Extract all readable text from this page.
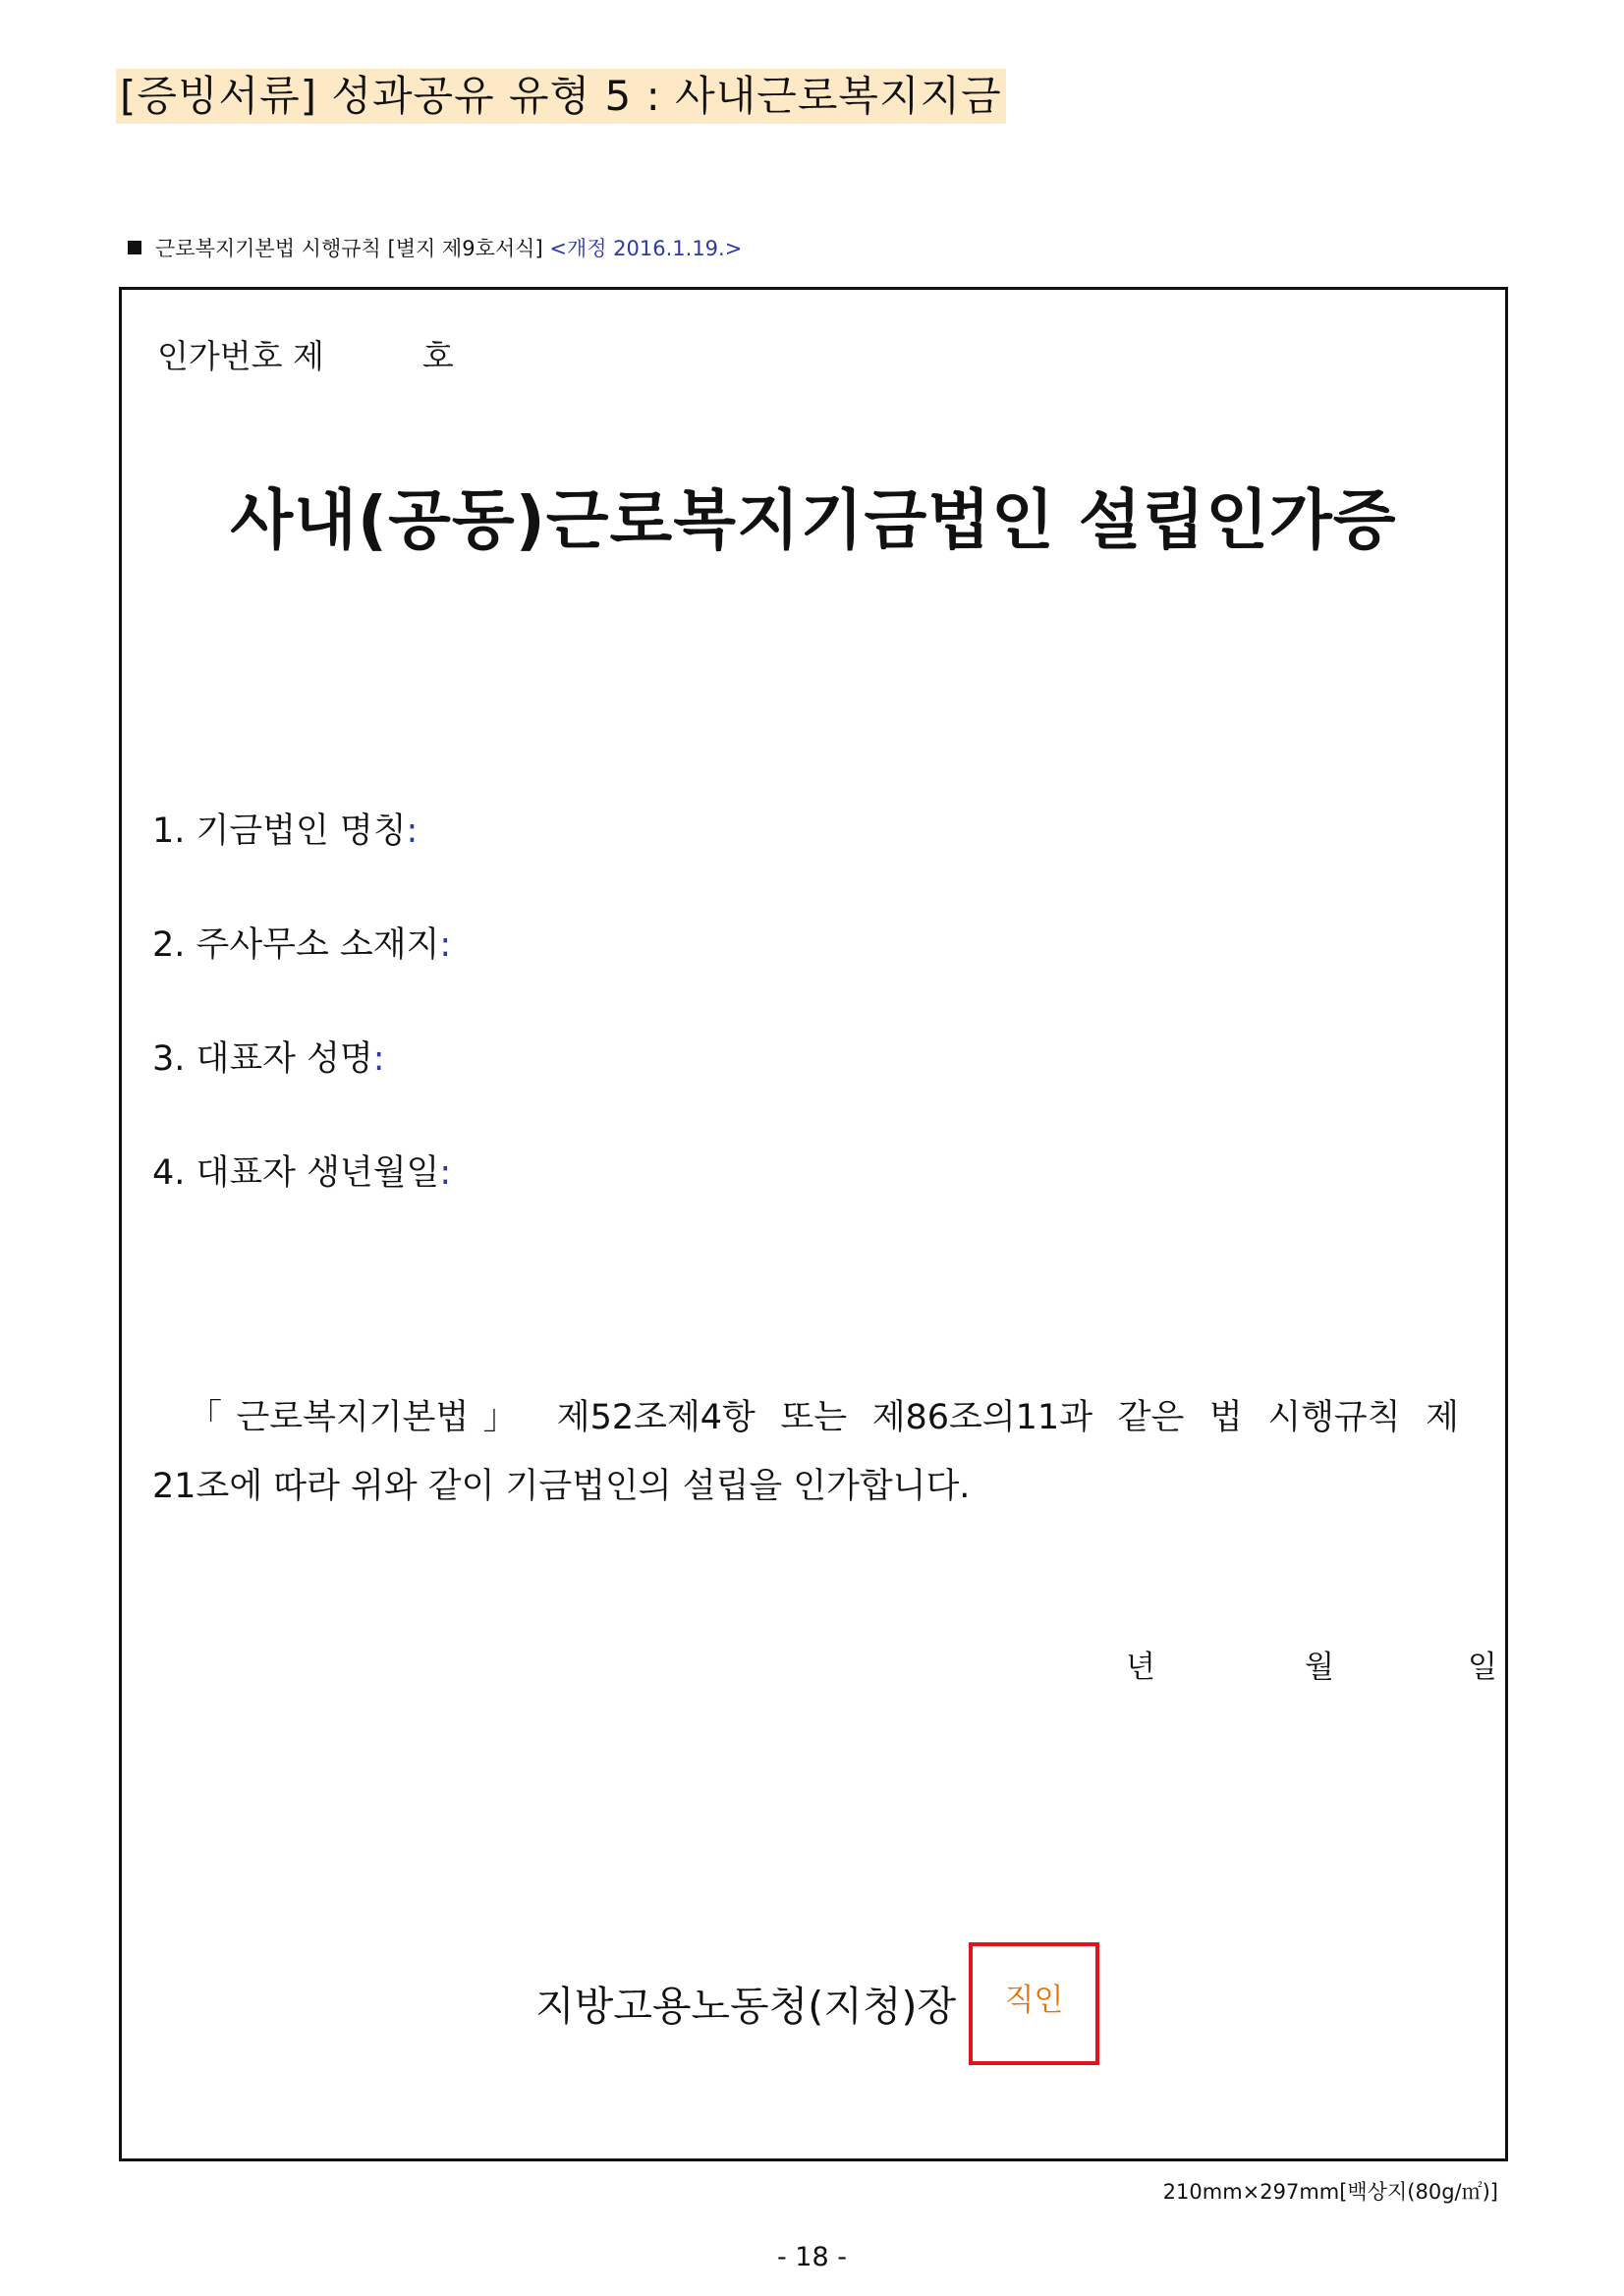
[증빙서류] 성과공유 유형 5 : 사내근로복지지금
근로복지기본법 시행규칙 [별지 제9호서식] <개정 2016.1.19.>
인가번호 제	호
사내(공동)근로복지기금법인 설립인가증
1. 기금법인 명칭:
2. 주사무소 소재지:
3. 대표자 성명:
4. 대표자 생년월일:
「근로복지기본법」 제52조제4항 또는 제86조의11과 같은 법 시행규칙 제
21조에 따라 위와 같이 기금법인의 설립을 인가합니다.
년	월	일
지방고용노동청(지청)장 직인
210mm×297mm[백상지(80g/㎡)]
- 18 -
